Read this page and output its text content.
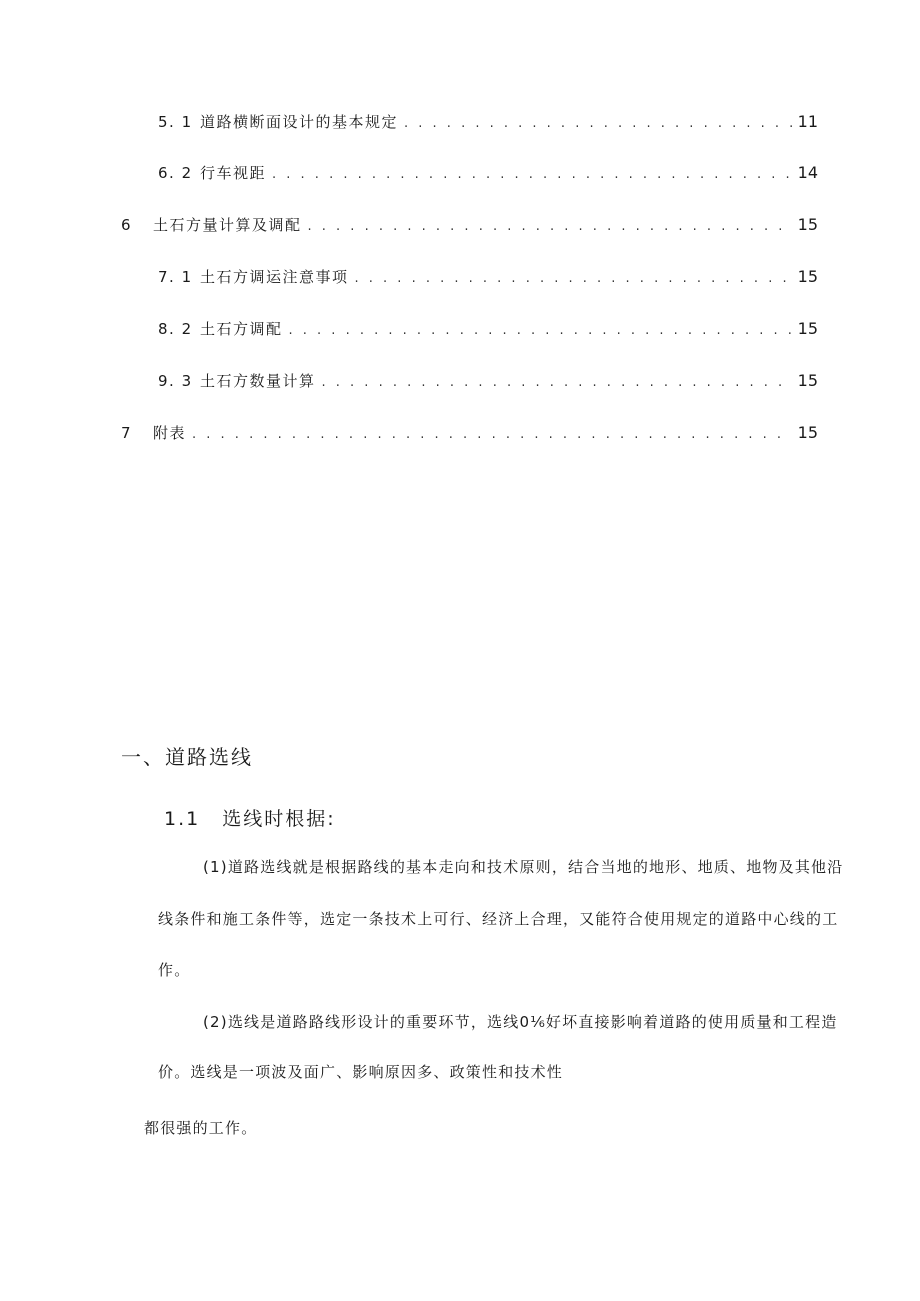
5. 1 道路横断面设计的基本规定 . . .	11
6. 2 行车视距 . . .	14
6	土石方量计算及调配 . . .	15
7. 1 土石方调运注意事项 . . .	15
8. 2 土石方调配 . . .	15
9. 3 土石方数量计算 . . .	15
7	附表 . . .	15
一、道路选线
1.1 选线时根据:
(1)道路选线就是根据路线的基本走向和技术原则，结合当地的地形、地质、地物及其他沿
线条件和施工条件等，选定一条技术上可行、经济上合理，又能符合使用规定的道路中心线的工
作。
(2)选线是道路路线形设计的重要环节，选线0⅙好坏直接影响着道路的使用质量和工程造
价。选线是一项波及面广、影响原因多、政策性和技术性
都很强的工作。
